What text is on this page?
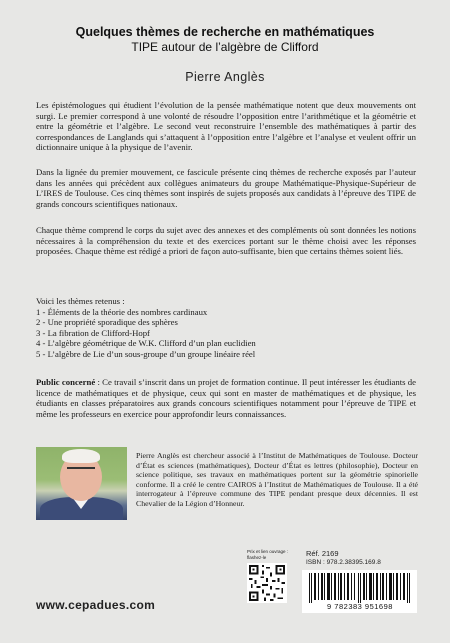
Quelques thèmes de recherche en mathématiques
TIPE autour de l’algèbre de Clifford
Pierre Anglès
Les épistémologues qui étudient l’évolution de la pensée mathématique notent que deux mouvements ont surgi. Le premier correspond à une volonté de résoudre l’opposition entre l’arithmétique et la géométrie et entre la géométrie et l’algèbre. Le second veut reconstruire l’ensemble des mathématiques à partir des correspondances de Langlands qui s’attaquent à l’opposition entre l’algèbre et l’analyse et veulent offrir un dictionnaire unique à la physique de l’avenir.
Dans la lignée du premier mouvement, ce fascicule présente cinq thèmes de recherche exposés par l’auteur dans les années qui précèdent aux collègues animateurs du groupe Mathématique-Physique-Supérieur de L’IRES de Toulouse. Ces cinq thèmes sont inspirés de sujets proposés aux candidats à l’épreuve des TIPE de grands concours scientifiques nationaux.
Chaque thème comprend le corps du sujet avec des annexes et des compléments où sont données les notions nécessaires à la compréhension du texte et des exercices portant sur le thème choisi avec les réponses proposées. Chaque thème est rédigé a priori de façon auto-suffisante, bien que certains thèmes soient liés.
Voici les thèmes retenus :
1 - Éléments de la théorie des nombres cardinaux
2 - Une propriété sporadique des sphères
3 - La fibration de Clifford-Hopf
4 - L’algèbre géométrique de W.K. Clifford d’un plan euclidien
5 - L’algèbre de Lie d’un sous-groupe d’un groupe linéaire réel
Public concerné : Ce travail s’inscrit dans un projet de formation continue. Il peut intéresser les étudiants de licence de mathématiques et de physique, ceux qui sont en master de mathématiques et de physique, les étudiants en classes préparatoires aux grands concours scientifiques notamment pour l’épreuve de TIPE et même les professeurs en exercice pour approfondir leurs connaissances.
Pierre Anglès est chercheur associé à l’Institut de Mathématiques de Toulouse. Docteur d’État es sciences (mathématiques), Docteur d’État es lettres (philosophie), Docteur en science politique, ses travaux en mathématiques portent sur la géométrie spinorielle conforme. Il a créé le centre CAIROS à l’Institut de Mathématiques de Toulouse. Il a été interrogateur à l’épreuve commune des TIPE pendant presque deux décennies. Il est Chevalier de la Légion d’Honneur.
Prix et lien ouvrage :
flashez-le	Réf. 2169
ISBN : 978.2.38395.169.8
9 782383 951698
www.cepadues.com
